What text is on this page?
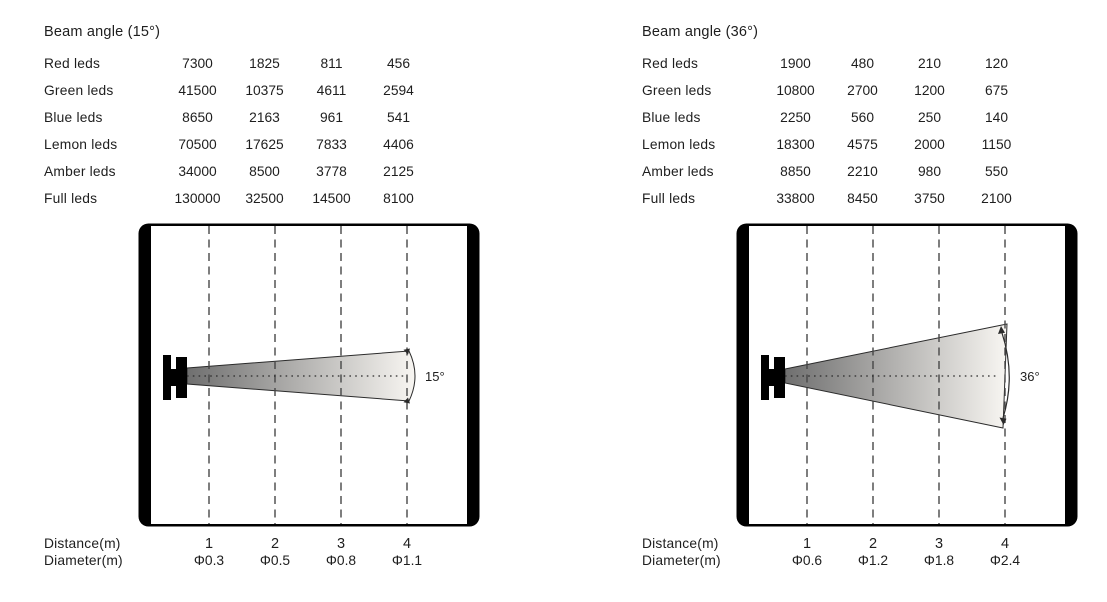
Beam angle (15°)
Red leds	7300	1825	811	456
Green leds	41500	10375	4611	2594
Blue leds	8650	2163	961	541
Lemon leds	70500	17625	7833	4406
Amber leds	34000	8500	3778	2125
Full leds	130000	32500	14500	8100
15°
Distance(m)	1	2	3	4
Diameter(m)	Φ0.3	Φ0.5	Φ0.8	Φ1.1
Beam angle (36°)
Red leds	1900	480	210	120
Green leds	10800	2700	1200	675
Blue leds	2250	560	250	140
Lemon leds	18300	4575	2000	1150
Amber leds	8850	2210	980	550
Full leds	33800	8450	3750	2100
36°
Distance(m)	1	2	3	4
Diameter(m)	Φ0.6	Φ1.2	Φ1.8	Φ2.4
